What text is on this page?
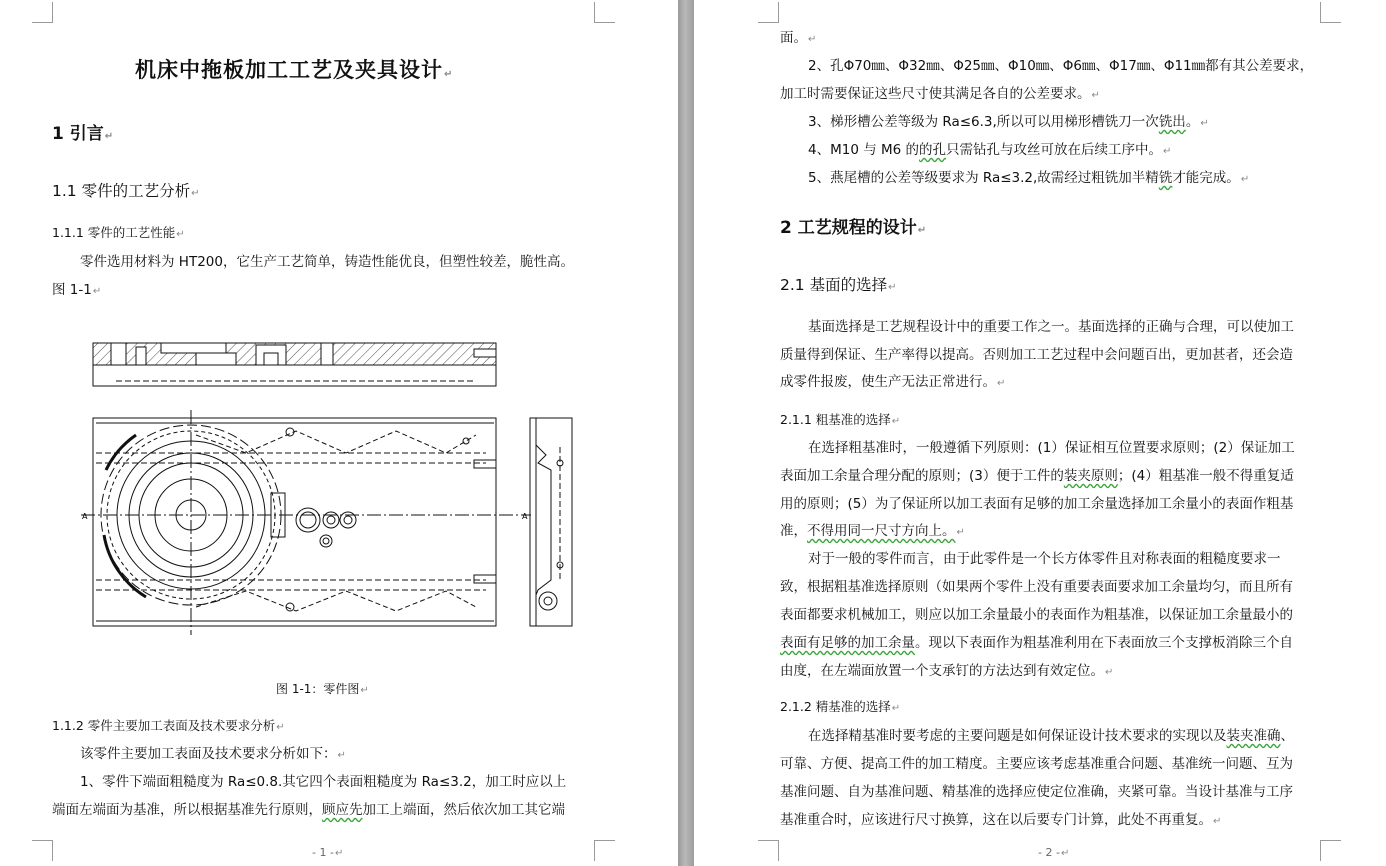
机床中拖板加工工艺及夹具设计↵
1 引言↵
1.1 零件的工艺分析↵
1.1.1 零件的工艺性能↵
零件选用材料为 HT200，它生产工艺简单，铸造性能优良，但塑性较差，脆性高。
图 1-1↵
A	A
图 1-1：零件图↵
1.1.2 零件主要加工表面及技术要求分析↵
该零件主要加工表面及技术要求分析如下：↵
1、零件下端面粗糙度为 Ra≤0.8.其它四个表面粗糙度为 Ra≤3.2，加工时应以上
端面左端面为基准，所以根据基准先行原则，顾应先加工上端面，然后依次加工其它端
- 1 -↵
面。↵
2、孔Φ70㎜、Φ32㎜、Φ25㎜、Φ10㎜、Φ6㎜、Φ17㎜、Φ11㎜都有其公差要求，
加工时需要保证这些尺寸使其满足各自的公差要求。↵
3、梯形槽公差等级为 Ra≤6.3,所以可以用梯形槽铣刀一次铣出。↵
4、M10 与 M6 的的孔只需钻孔与攻丝可放在后续工序中。↵
5、燕尾槽的公差等级要求为 Ra≤3.2,故需经过粗铣加半精铣才能完成。↵
2 工艺规程的设计↵
2.1 基面的选择↵
基面选择是工艺规程设计中的重要工作之一。基面选择的正确与合理，可以使加工
质量得到保证、生产率得以提高。否则加工工艺过程中会问题百出，更加甚者，还会造
成零件报废，使生产无法正常进行。↵
2.1.1 粗基准的选择↵
在选择粗基准时，一般遵循下列原则：(1）保证相互位置要求原则；(2）保证加工
表面加工余量合理分配的原则；(3）便于工件的装夹原则；(4）粗基准一般不得重复适
用的原则；(5）为了保证所以加工表面有足够的加工余量选择加工余量小的表面作粗基
准，不得用同一尺寸方向上。↵
对于一般的零件而言，由于此零件是一个长方体零件且对称表面的粗糙度要求一
致，根据粗基准选择原则（如果两个零件上没有重要表面要求加工余量均匀，而且所有
表面都要求机械加工，则应以加工余量最小的表面作为粗基准，以保证加工余量最小的
表面有足够的加工余量。现以下表面作为粗基准利用在下表面放三个支撑板消除三个自
由度，在左端面放置一个支承钉的方法达到有效定位。↵
2.1.2 精基准的选择↵
在选择精基准时要考虑的主要问题是如何保证设计技术要求的实现以及装夹准确、
可靠、方便、提高工件的加工精度。主要应该考虑基准重合问题、基准统一问题、互为
基准问题、自为基准问题、精基准的选择应使定位准确，夹紧可靠。当设计基准与工序
基准重合时，应该进行尺寸换算，这在以后要专门计算，此处不再重复。↵
- 2 -↵
